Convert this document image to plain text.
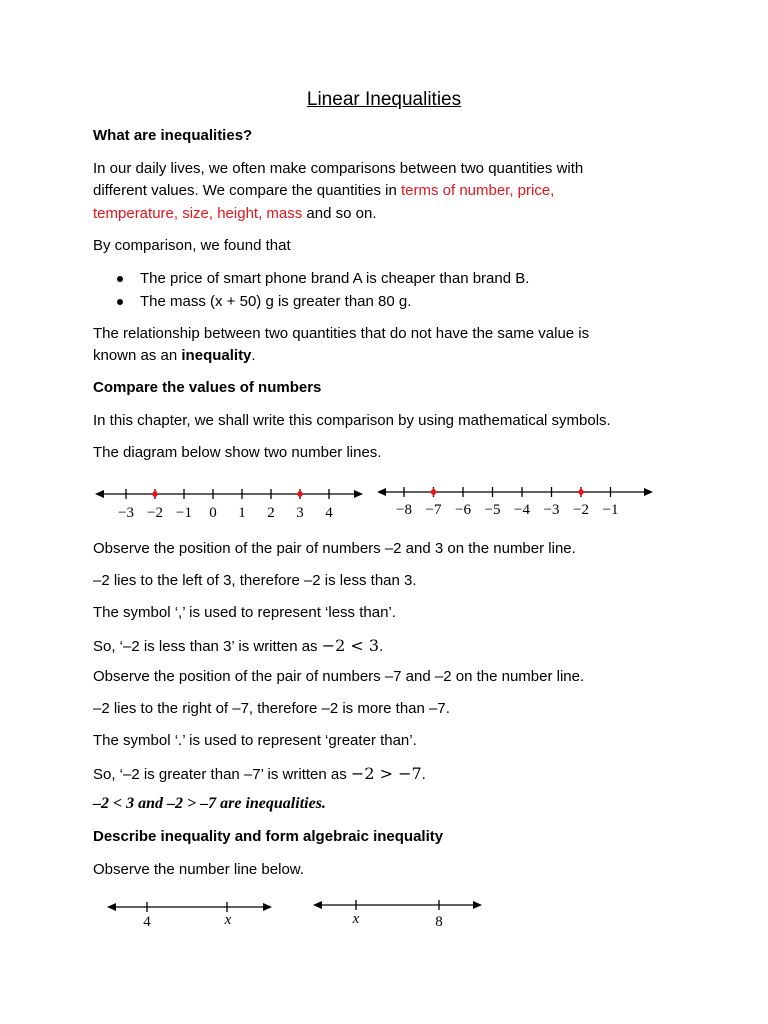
Linear Inequalities
What are inequalities?
In our daily lives, we often make comparisons between two quantities with
different values. We compare the quantities in terms of number, price,
temperature, size, height, mass and so on.
By comparison, we found that
The price of smart phone brand A is cheaper than brand B.
The mass (x + 50) g is greater than 80 g.
The relationship between two quantities that do not have the same value is
known as an inequality.
Compare the values of numbers
In this chapter, we shall write this comparison by using mathematical symbols.
The diagram below show two number lines.
−3 −2 −1 0 1 2 3 4	−8 −7 −6 −5 −4 −3 −2 −1
Observe the position of the pair of numbers –2 and 3 on the number line.
–2 lies to the left of 3, therefore –2 is less than 3.
The symbol ‘,’ is used to represent ‘less than’.
So, ‘–2 is less than 3’ is written as −2 < 3.
Observe the position of the pair of numbers –7 and –2 on the number line.
–2 lies to the right of –7, therefore –2 is more than –7.
The symbol ‘.’ is used to represent ‘greater than’.
So, ‘–2 is greater than –7’ is written as −2 > −7.
–2 < 3 and –2 > –7 are inequalities.
Describe inequality and form algebraic inequality
Observe the number line below.
4	x	x	8
